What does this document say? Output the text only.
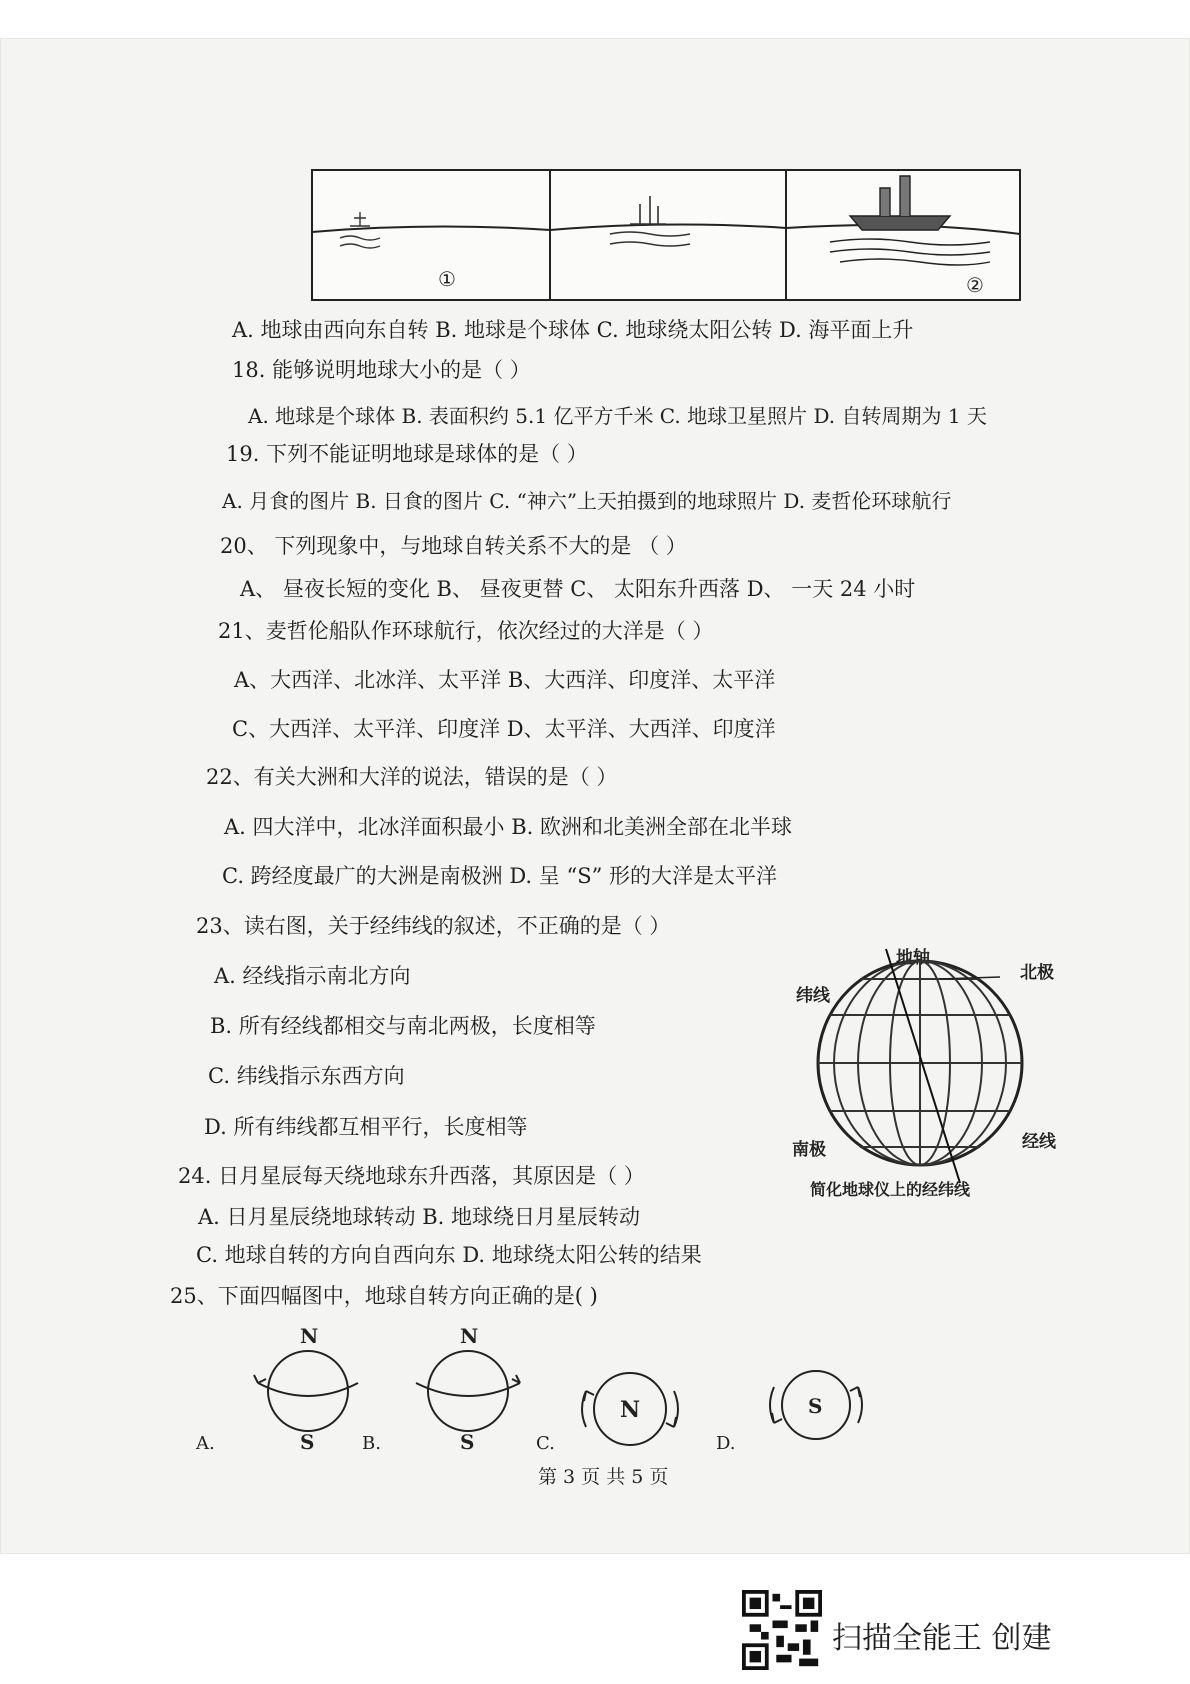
①	②
A. 地球由西向东自转 B. 地球是个球体 C. 地球绕太阳公转 D. 海平面上升
18. 能够说明地球大小的是（ ）
A. 地球是个球体 B. 表面积约 5.1 亿平方千米 C. 地球卫星照片 D. 自转周期为 1 天
19. 下列不能证明地球是球体的是（ ）
A. 月食的图片 B. 日食的图片 C. “神六”上天拍摄到的地球照片 D. 麦哲伦环球航行
20、 下列现象中，与地球自转关系不大的是 （ ）
A、 昼夜长短的变化 B、 昼夜更替 C、 太阳东升西落 D、 一天 24 小时
21、麦哲伦船队作环球航行，依次经过的大洋是（ ）
A、大西洋、北冰洋、太平洋 B、大西洋、印度洋、太平洋
C、大西洋、太平洋、印度洋 D、太平洋、大西洋、印度洋
22、有关大洲和大洋的说法，错误的是（ ）
A. 四大洋中，北冰洋面积最小 B. 欧洲和北美洲全部在北半球
C. 跨经度最广的大洲是南极洲 D. 呈 “S” 形的大洋是太平洋
23、读右图，关于经纬线的叙述，不正确的是（ ）
A. 经线指示南北方向
B. 所有经线都相交与南北两极，长度相等
C. 纬线指示东西方向
D. 所有纬线都互相平行，长度相等
地轴
北极
纬线
南极	经线
简化地球仪上的经纬线
24. 日月星辰每天绕地球东升西落，其原因是（ ）
A. 日月星辰绕地球转动 B. 地球绕日月星辰转动
C. 地球自转的方向自西向东 D. 地球绕太阳公转的结果
25、下面四幅图中，地球自转方向正确的是( )
A.
N
S	B.
N
S	C.
N
D.
S
第 3 页 共 5 页
扫描全能王 创建
